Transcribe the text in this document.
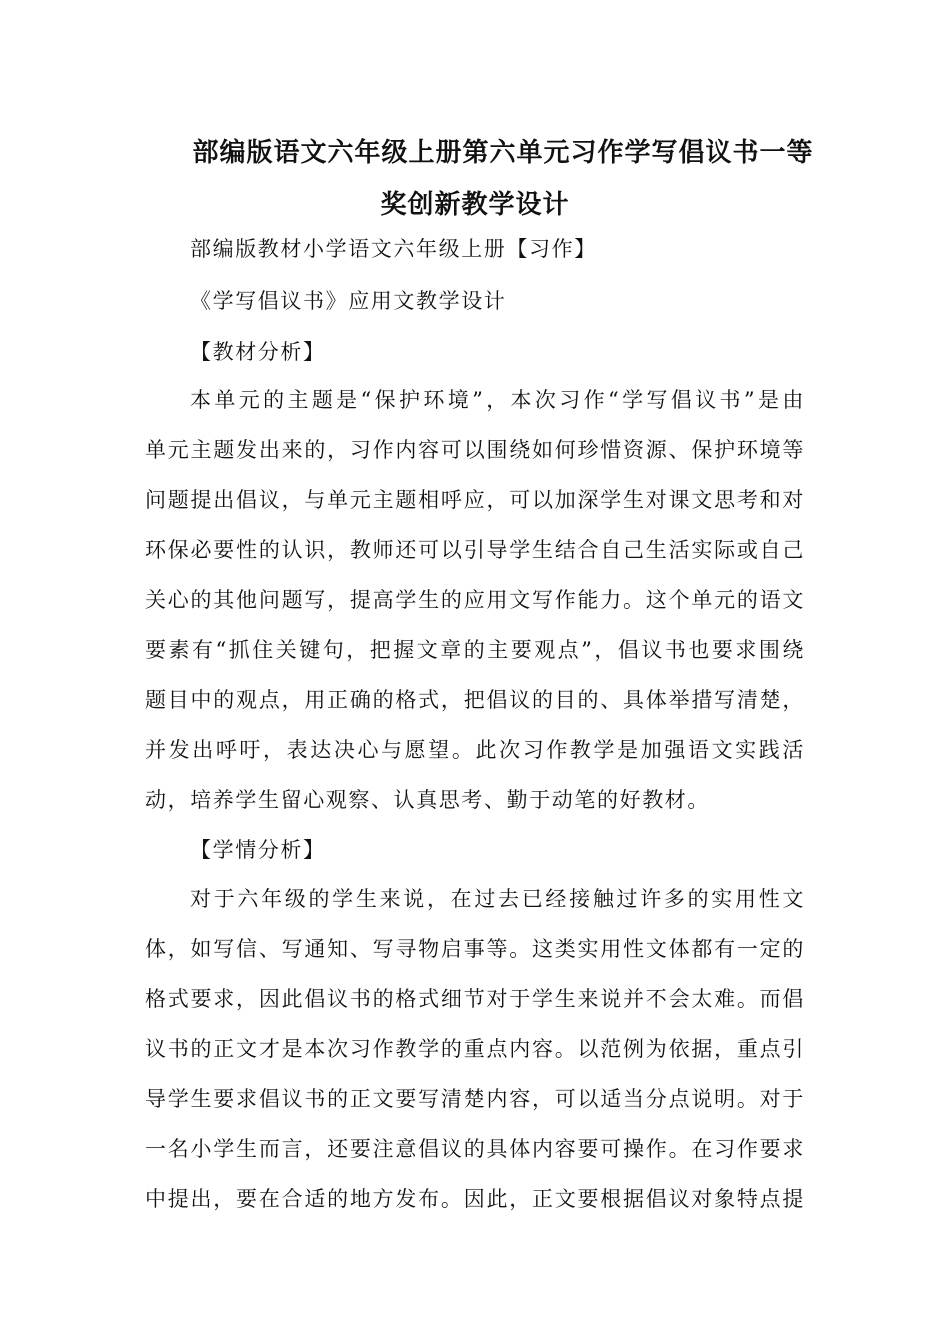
部编版语文六年级上册第六单元习作学写倡议书一等
奖创新教学设计
部编版教材小学语文六年级上册【习作】
《学写倡议书》应用文教学设计
【教材分析】
本单元的主题是“保护环境”，本次习作“学写倡议书”是由
单元主题发出来的，习作内容可以围绕如何珍惜资源、保护环境等
问题提出倡议，与单元主题相呼应，可以加深学生对课文思考和对
环保必要性的认识，教师还可以引导学生结合自己生活实际或自己
关心的其他问题写，提高学生的应用文写作能力。这个单元的语文
要素有“抓住关键句，把握文章的主要观点”，倡议书也要求围绕
题目中的观点，用正确的格式，把倡议的目的、具体举措写清楚，
并发出呼吁，表达决心与愿望。此次习作教学是加强语文实践活
动，培养学生留心观察、认真思考、勤于动笔的好教材。
【学情分析】
对于六年级的学生来说，在过去已经接触过许多的实用性文
体，如写信、写通知、写寻物启事等。这类实用性文体都有一定的
格式要求，因此倡议书的格式细节对于学生来说并不会太难。而倡
议书的正文才是本次习作教学的重点内容。以范例为依据，重点引
导学生要求倡议书的正文要写清楚内容，可以适当分点说明。对于
一名小学生而言，还要注意倡议的具体内容要可操作。在习作要求
中提出，要在合适的地方发布。因此，正文要根据倡议对象特点提
